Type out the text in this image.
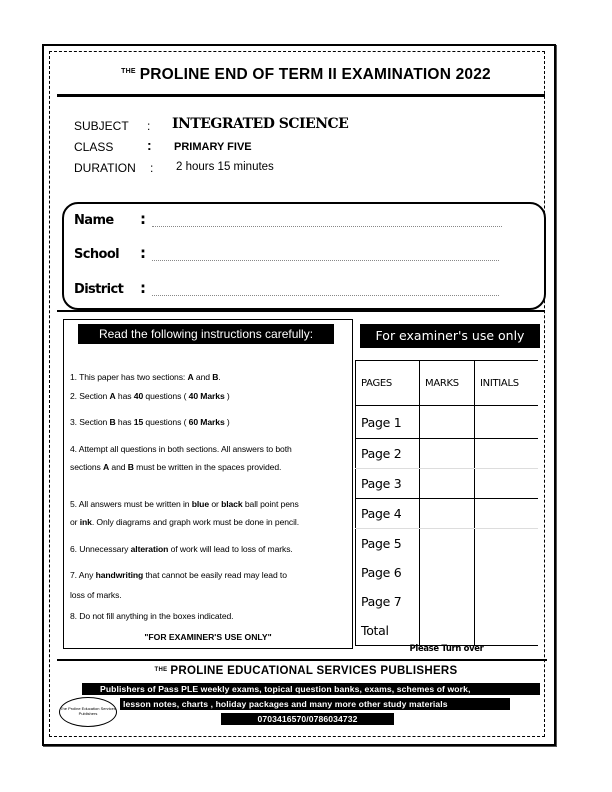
$^{THE}$ PROLINE END OF TERM II EXAMINATION 2022
SUBJECT : INTEGRATED SCIENCE
CLASS : PRIMARY FIVE
DURATION : 2 hours 15 minutes
Name :
School :
District :
Read the following instructions carefully:
1. This paper has two sections: A and B.
2. Section A has 40 questions ( 40 Marks )
3. Section B has 15 questions ( 60 Marks )
4. Attempt all questions in both sections. All answers to both
sections A and B must be written in the spaces provided.
5. All answers must be written in blue or black ball point pens
or ink. Only diagrams and graph work must be done in pencil.
6. Unnecessary alteration of work will lead to loss of marks.
7. Any handwriting that cannot be easily read may lead to
loss of marks.
8. Do not fill anything in the boxes indicated.
"FOR EXAMINER'S USE ONLY"
For examiner's use only
PAGES	MARKS	INITIALS
Page 1		
Page 2		
Page 3		
Page 4		
Page 5		
Page 6		
Page 7		
Total		
Please Turn over
$^{THE}$ PROLINE EDUCATIONAL SERVICES PUBLISHERS
Publishers of Pass PLE weekly exams, topical question banks, exams, schemes of work,
lesson notes, charts , holiday packages and many more other study materials
0703416570/0786034732
The Proline Education Services Publishers
